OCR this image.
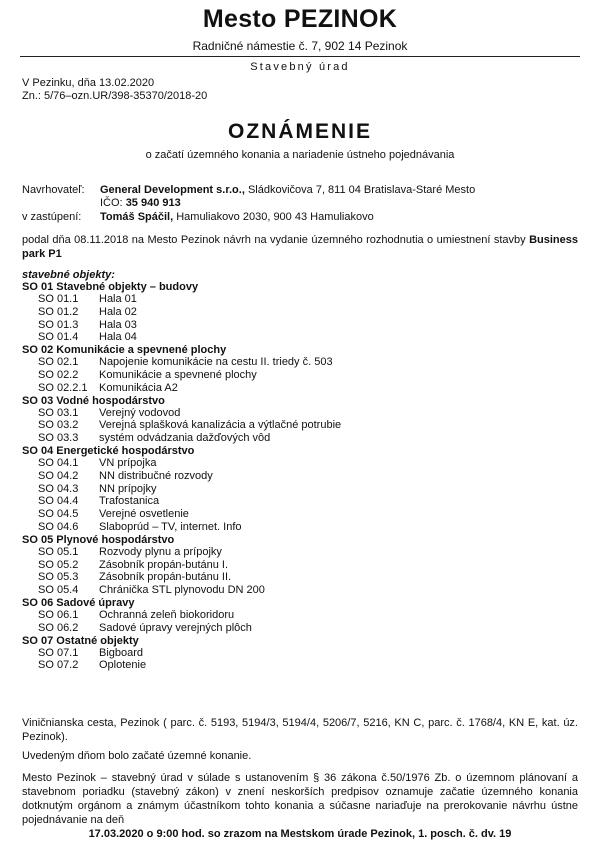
Mesto PEZINOK
Radničné námestie č. 7, 902 14 Pezinok
Stavebný úrad
V Pezinku, dňa 13.02.2020
Zn.: 5/76–ozn.UR/398-35370/2018-20
OZNÁMENIE
o začatí územného konania a nariadenie ústneho pojednávania
Navrhovateľ: General Development s.r.o., Sládkovičova 7, 811 04 Bratislava-Staré Mesto
IČO: 35 940 913
v zastúpení: Tomáš Spáčil, Hamuliakovo 2030, 900 43 Hamuliakovo
podal dňa 08.11.2018 na Mesto Pezinok návrh na vydanie územného rozhodnutia o umiestnení stavby Business park P1
stavebné objekty:
SO 01 Stavebné objekty – budovy
SO 01.1 Hala 01
SO 01.2 Hala 02
SO 01.3 Hala 03
SO 01.4 Hala 04
SO 02 Komunikácie a spevnené plochy
SO 02.1 Napojenie komunikácie na cestu II. triedy č. 503
SO 02.2 Komunikácie a spevnené plochy
SO 02.2.1 Komunikácia A2
SO 03 Vodné hospodárstvo
SO 03.1 Verejný vodovod
SO 03.2 Verejná splašková kanalizácia a výtlačné potrubie
SO 03.3 systém odvádzania dažďových vôd
SO 04 Energetické hospodárstvo
SO 04.1 VN prípojka
SO 04.2 NN distribučné rozvody
SO 04.3 NN prípojky
SO 04.4 Trafostanica
SO 04.5 Verejné osvetlenie
SO 04.6 Slaboprúd – TV, internet. Info
SO 05 Plynové hospodárstvo
SO 05.1 Rozvody plynu a prípojky
SO 05.2 Zásobník propán-butánu I.
SO 05.3 Zásobník propán-butánu II.
SO 05.4 Chránička STL plynovodu DN 200
SO 06 Sadové úpravy
SO 06.1 Ochranná zeleň biokoridoru
SO 06.2 Sadové úpravy verejných plôch
SO 07 Ostatné objekty
SO 07.1 Bigboard
SO 07.2 Oplotenie
Viničnianska cesta, Pezinok ( parc. č. 5193, 5194/3, 5194/4, 5206/7, 5216, KN C, parc. č. 1768/4, KN E, kat. úz. Pezinok).
Uvedeným dňom bolo začaté územné konanie.
Mesto Pezinok – stavebný úrad v súlade s ustanovením § 36 zákona č.50/1976 Zb. o územnom plánovaní a stavebnom poriadku (stavebný zákon) v znení neskorších predpisov oznamuje začatie územného konania dotknutým orgánom a známym účastníkom tohto konania a súčasne nariaďuje na prerokovanie návrhu ústne pojednávanie na deň
17.03.2020 o 9:00 hod. so zrazom na Mestskom úrade Pezinok, 1. posch. č. dv. 19
